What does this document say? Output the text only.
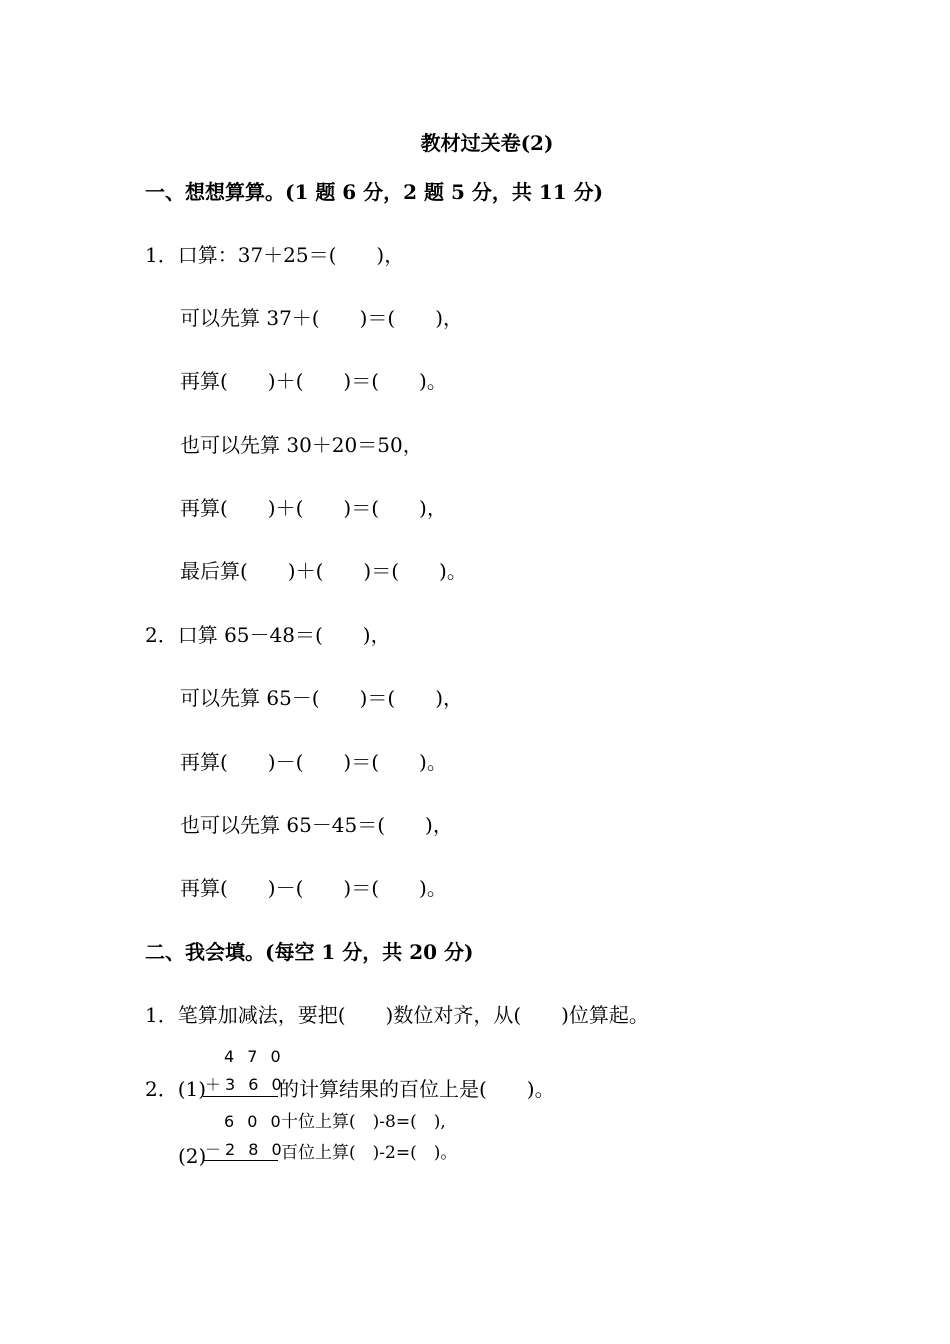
教材过关卷(2)
一、想想算算。(1 题 6 分，2 题 5 分，共 11 分)
1．口算：37＋25＝(　　)，
可以先算 37＋(　　)＝(　　)，
再算(　　)＋(　　)＝(　　)。
也可以先算 30＋20＝50，
再算(　　)＋(　　)＝(　　)，
最后算(　　)＋(　　)＝(　　)。
2．口算 65－48＝(　　)，
可以先算 65－(　　)＝(　　)，
再算(　　)－(　　)＝(　　)。
也可以先算 65－45＝(　　)，
再算(　　)－(　　)＝(　　)。
二、我会填。(每空 1 分，共 20 分)
1．笔算加减法，要把(　　)数位对齐，从(　　)位算起。
4 7 0
2．(1)
＋3 6 0
的计算结果的百位上是(　　)。
6 0 0
十位上算(　)-8=(　),
(2)
－2 8 0
百位上算(　)-2=(　)。
